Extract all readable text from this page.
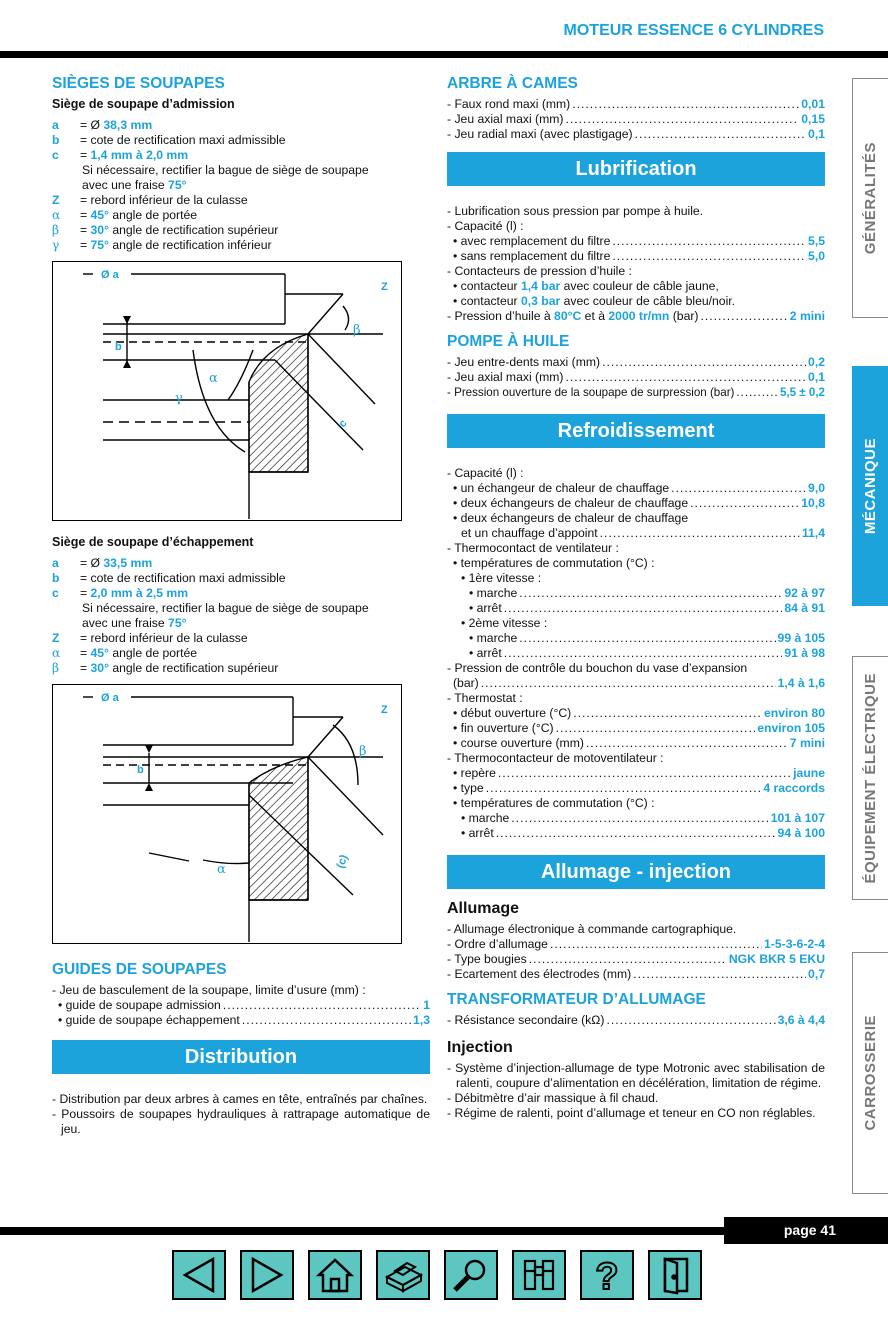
MOTEUR ESSENCE 6 CYLINDRES
GÉNÉRALITÉS
MÉCANIQUE
ÉQUIPEMENT ÉLECTRIQUE
CARROSSERIE
SIÈGES DE SOUPAPES
Siège de soupape d’admission
a	= Ø 38,3 mm
b	= cote de rectification maxi admissible
c	= 1,4 mm à 2,0 mm
Si nécessaire, rectifier la bague de siège de soupape
avec une fraise 75°
Z	= rebord inférieur de la culasse
α	= 45° angle de portée
β	= 30° angle de rectification supérieur
γ	= 75° angle de rectification inférieur
Ø a
Z
b
β
α
γ
c
Siège de soupape d’échappement
a	= Ø 33,5 mm
b	= cote de rectification maxi admissible
c	= 2,0 mm à 2,5 mm
Si nécessaire, rectifier la bague de siège de soupape
avec une fraise 75°
Z	= rebord inférieur de la culasse
α	= 45° angle de portée
β	= 30° angle de rectification supérieur
Ø a
Z
b
β
α	(c)
GUIDES DE SOUPAPES
- Jeu de basculement de la soupape, limite d’usure (mm) :
• guide de soupape admission .....	1
• guide de soupape échappement .....	1,3
Distribution
- Distribution par deux arbres à cames en tête, entraînés par chaînes.
- Poussoirs de soupapes hydrauliques à rattrapage automatique de jeu.
ARBRE À CAMES
- Faux rond maxi (mm) .....	0,01
- Jeu axial maxi (mm) .....	0,15
- Jeu radial maxi (avec plastigage) .....	0,1
Lubrification
- Lubrification sous pression par pompe à huile.
- Capacité (l) :
• avec remplacement du filtre .....	5,5
• sans remplacement du filtre .....	5,0
- Contacteurs de pression d’huile :
• contacteur 1,4 bar avec couleur de câble jaune,
• contacteur 0,3 bar avec couleur de câble bleu/noir.
- Pression d’huile à 80°C et à 2000 tr/mn (bar) .....	2 mini
POMPE À HUILE
- Jeu entre-dents maxi (mm) .....	0,2
- Jeu axial maxi (mm) .....	0,1
- Pression ouverture de la soupape de surpression (bar) .....	5,5 ± 0,2
Refroidissement
- Capacité (l) :
• un échangeur de chaleur de chauffage .....	9,0
• deux échangeurs de chaleur de chauffage .....	10,8
• deux échangeurs de chaleur de chauffage
et un chauffage d’appoint .....	11,4
- Thermocontact de ventilateur :
• températures de commutation (°C) :
• 1ère vitesse :
• marche .....	92 à 97
• arrêt .....	84 à 91
• 2ème vitesse :
• marche .....	99 à 105
• arrêt .....	91 à 98
- Pression de contrôle du bouchon du vase d’expansion
(bar) .....	1,4 à 1,6
- Thermostat :
• début ouverture (°C) .....	environ 80
• fin ouverture (°C) .....	environ 105
• course ouverture (mm) .....	7 mini
- Thermocontacteur de motoventilateur :
• repère .....	jaune
• type .....	4 raccords
• températures de commutation (°C) :
• marche .....	101 à 107
• arrêt .....	94 à 100
Allumage - injection
Allumage
- Allumage électronique à commande cartographique.
- Ordre d’allumage .....	1-5-3-6-2-4
- Type bougies .....	NGK BKR 5 EKU
- Ecartement des électrodes (mm) .....	0,7
TRANSFORMATEUR D’ALLUMAGE
- Résistance secondaire (kΩ) .....	3,6 à 4,4
Injection
- Système d’injection-allumage de type Motronic avec stabilisation de ralenti, coupure d’alimentation en décélération, limitation de régime.
- Débitmètre d’air massique à fil chaud.
- Régime de ralenti, point d’allumage et teneur en CO non réglables.
page 41
?
